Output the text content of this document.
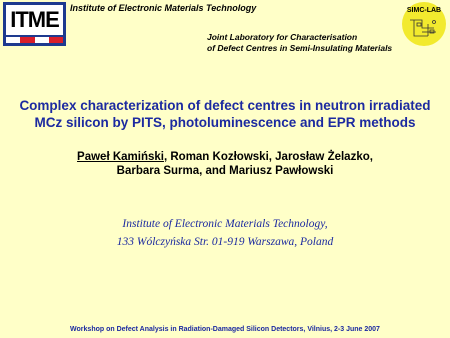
ITME	Institute of Electronic Materials Technology	SIMC-LAB
Joint Laboratory for Characterisation
of Defect Centres in Semi-Insulating Materials
Complex characterization of defect centres in neutron irradiated
MCz silicon by PITS, photoluminescence and EPR methods
Paweł Kamiński, Roman Kozłowski, Jarosław Żelazko,
Barbara Surma, and Mariusz Pawłowski
Institute of Electronic Materials Technology,
133 Wólczyńska Str. 01-919 Warszawa, Poland
Workshop on Defect Analysis in Radiation-Damaged Silicon Detectors, Vilnius, 2-3 June 2007
